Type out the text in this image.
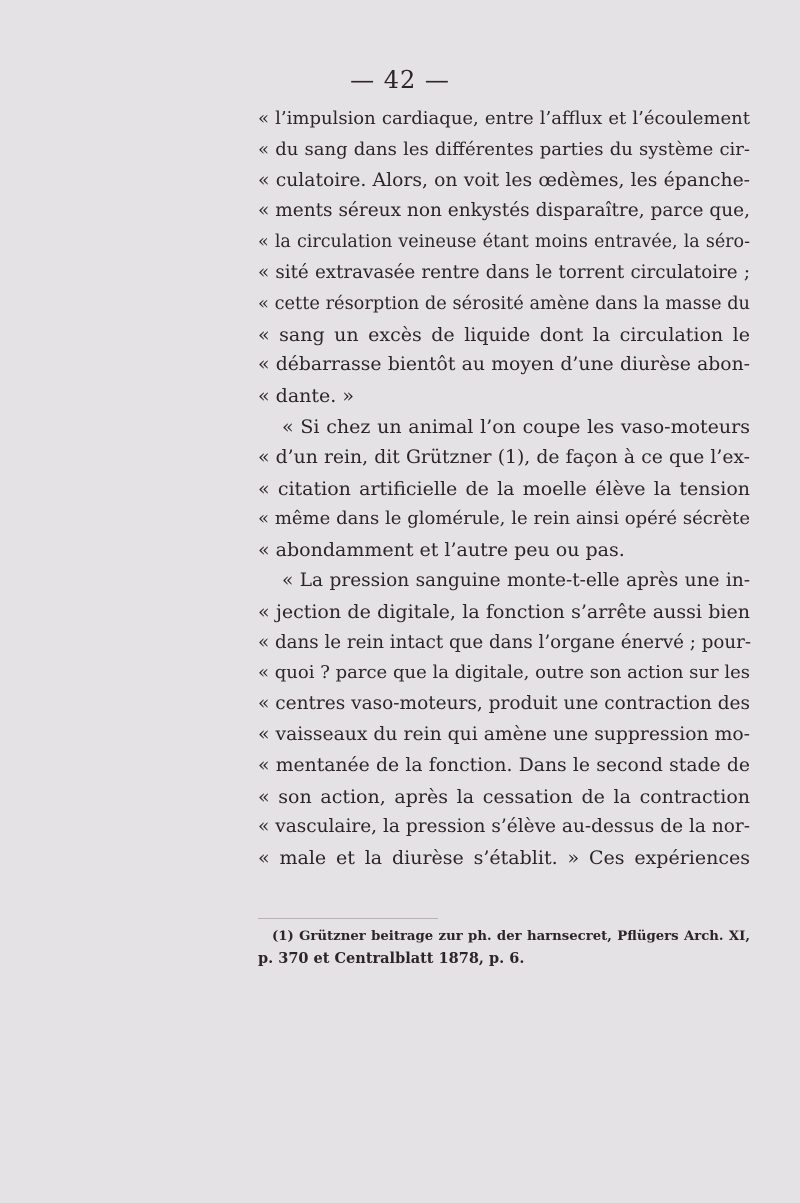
— 42 —
« l’impulsion cardiaque, entre l’afflux et l’écoulement
« du sang dans les différentes parties du système cir-
« culatoire. Alors, on voit les œdèmes, les épanche-
« ments séreux non enkystés disparaître, parce que,
« la circulation veineuse étant moins entravée, la séro-
« sité extravasée rentre dans le torrent circulatoire ;
« cette résorption de sérosité amène dans la masse du
« sang un excès de liquide dont la circulation le
« débarrasse bientôt au moyen d’une diurèse abon-
« dante. »
« Si chez un animal l’on coupe les vaso-moteurs
« d’un rein, dit Grützner (1), de façon à ce que l’ex-
« citation artificielle de la moelle élève la tension
« même dans le glomérule, le rein ainsi opéré sécrète
« abondamment et l’autre peu ou pas.
« La pression sanguine monte-t-elle après une in-
« jection de digitale, la fonction s’arrête aussi bien
« dans le rein intact que dans l’organe énervé ; pour-
« quoi ? parce que la digitale, outre son action sur les
« centres vaso-moteurs, produit une contraction des
« vaisseaux du rein qui amène une suppression mo-
« mentanée de la fonction. Dans le second stade de
« son action, après la cessation de la contraction
« vasculaire, la pression s’élève au-dessus de la nor-
« male et la diurèse s’établit. » Ces expériences
(1) Grützner beitrage zur ph. der harnsecret, Pflügers Arch. XI,
p. 370 et Centralblatt 1878, p. 6.
